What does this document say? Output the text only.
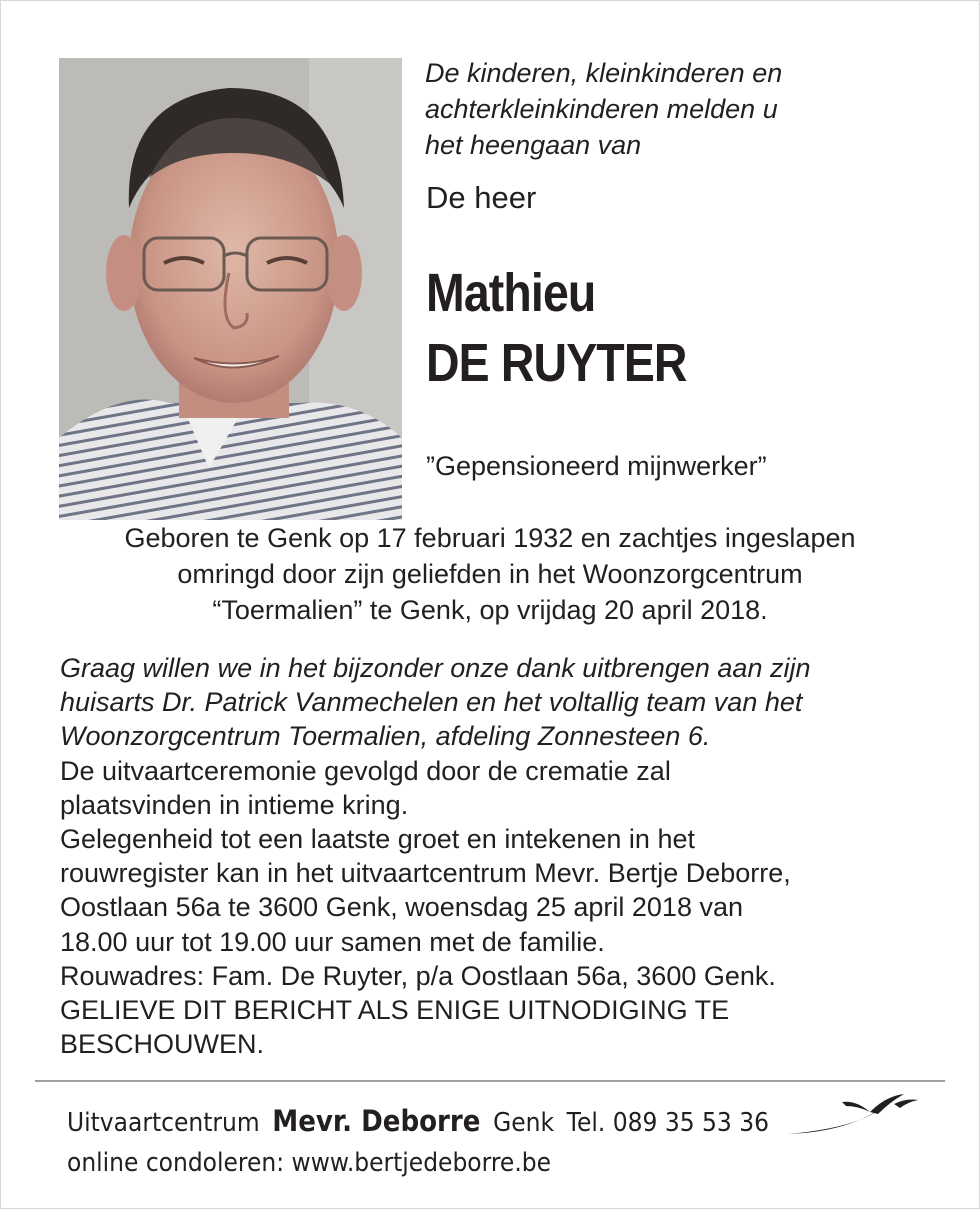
De kinderen, kleinkinderen en
achterkleinkinderen melden u
het heengaan van
De heer
Mathieu
DE RUYTER
”Gepensioneerd mijnwerker”
Geboren te Genk op 17 februari 1932 en zachtjes ingeslapen
omringd door zijn geliefden in het Woonzorgcentrum
“Toermalien” te Genk, op vrijdag 20 april 2018.
Graag willen we in het bijzonder onze dank uitbrengen aan zijn
huisarts Dr. Patrick Vanmechelen en het voltallig team van het
Woonzorgcentrum Toermalien, afdeling Zonnesteen 6.
De uitvaartceremonie gevolgd door de crematie zal
plaatsvinden in intieme kring.
Gelegenheid tot een laatste groet en intekenen in het
rouwregister kan in het uitvaartcentrum Mevr. Bertje Deborre,
Oostlaan 56a te 3600 Genk, woensdag 25 april 2018 van
18.00 uur tot 19.00 uur samen met de familie.
Rouwadres: Fam. De Ruyter, p/a Oostlaan 56a, 3600 Genk.
GELIEVE DIT BERICHT ALS ENIGE UITNODIGING TE
BESCHOUWEN.
Uitvaartcentrum Mevr. Deborre Genk Tel. 089 35 53 36
online condoleren: www.bertjedeborre.be
